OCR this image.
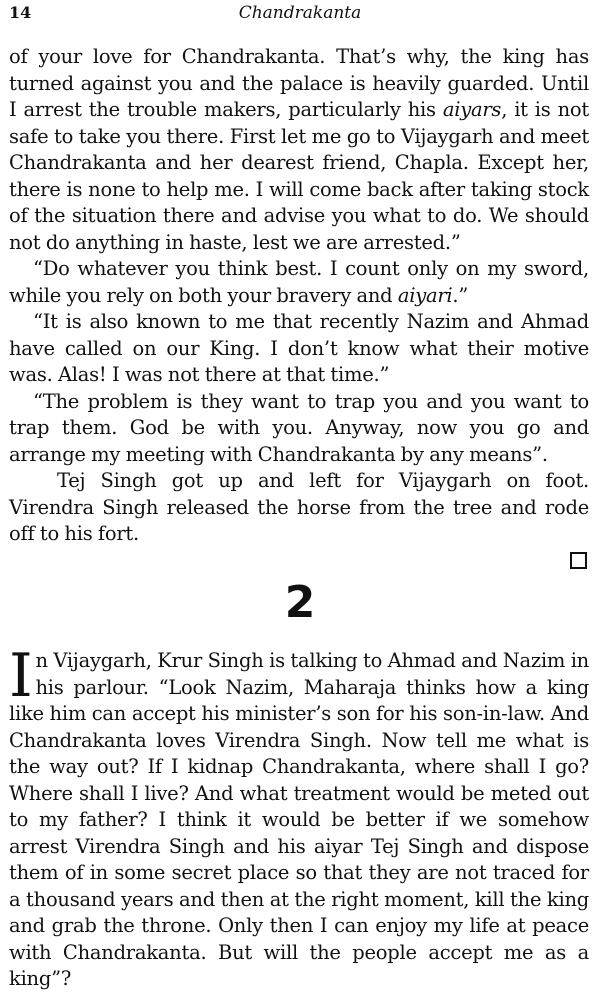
14	Chandrakanta

of your love for Chandrakanta. That’s why, the king has turned against you and the palace is heavily guarded. Until I arrest the trouble makers, particularly his aiyars, it is not safe to take you there. First let me go to Vijaygarh and meet Chandrakanta and her dearest friend, Chapla. Except her, there is none to help me. I will come back after taking stock of the situation there and advise you what to do. We should not do anything in haste, lest we are arrested.”

“Do whatever you think best. I count only on my sword, while you rely on both your bravery and aiyari.”

“It is also known to me that recently Nazim and Ahmad have called on our King. I don’t know what their motive was. Alas! I was not there at that time.”

“The problem is they want to trap you and you want to trap them. God be with you. Anyway, now you go and arrange my meeting with Chandrakanta by any means”.

Tej Singh got up and left for Vijaygarh on foot. Virendra Singh released the horse from the tree and rode off to his fort.

2

In Vijaygarh, Krur Singh is talking to Ahmad and Nazim in his parlour. “Look Nazim, Maharaja thinks how a king like him can accept his minister’s son for his son-in-law. And Chandrakanta loves Virendra Singh. Now tell me what is the way out? If I kidnap Chandrakanta, where shall I go? Where shall I live? And what treatment would be meted out to my father? I think it would be better if we somehow arrest Virendra Singh and his aiyar Tej Singh and dispose them of in some secret place so that they are not traced for a thousand years and then at the right moment, kill the king and grab the throne. Only then I can enjoy my life at peace with Chandrakanta. But will the people accept me as a king”?
